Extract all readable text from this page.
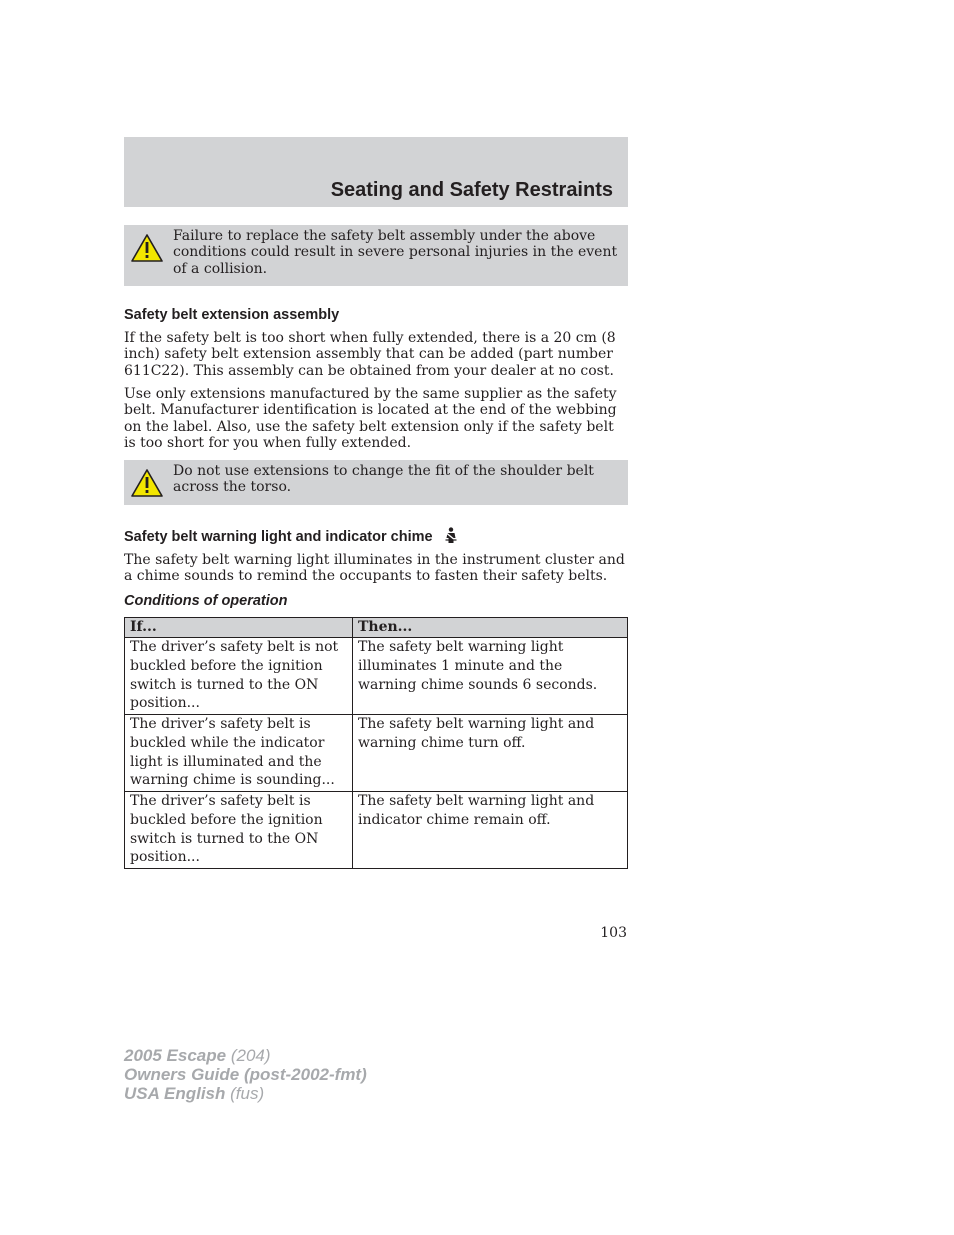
Seating and Safety Restraints
Failure to replace the safety belt assembly under the above conditions could result in severe personal injuries in the event of a collision.
Safety belt extension assembly
If the safety belt is too short when fully extended, there is a 20 cm (8 inch) safety belt extension assembly that can be added (part number 611C22). This assembly can be obtained from your dealer at no cost.
Use only extensions manufactured by the same supplier as the safety belt. Manufacturer identification is located at the end of the webbing on the label. Also, use the safety belt extension only if the safety belt is too short for you when fully extended.
Do not use extensions to change the fit of the shoulder belt across the torso.
Safety belt warning light and indicator chime
The safety belt warning light illuminates in the instrument cluster and a chime sounds to remind the occupants to fasten their safety belts.
Conditions of operation
If...	Then...
The driver’s safety belt is not buckled before the ignition switch is turned to the ON position...	The safety belt warning light illuminates 1 minute and the warning chime sounds 6 seconds.
The driver’s safety belt is buckled while the indicator light is illuminated and the warning chime is sounding...	The safety belt warning light and warning chime turn off.
The driver’s safety belt is buckled before the ignition switch is turned to the ON position...	The safety belt warning light and indicator chime remain off.
103
2005 Escape (204)
Owners Guide (post-2002-fmt)
USA English (fus)
